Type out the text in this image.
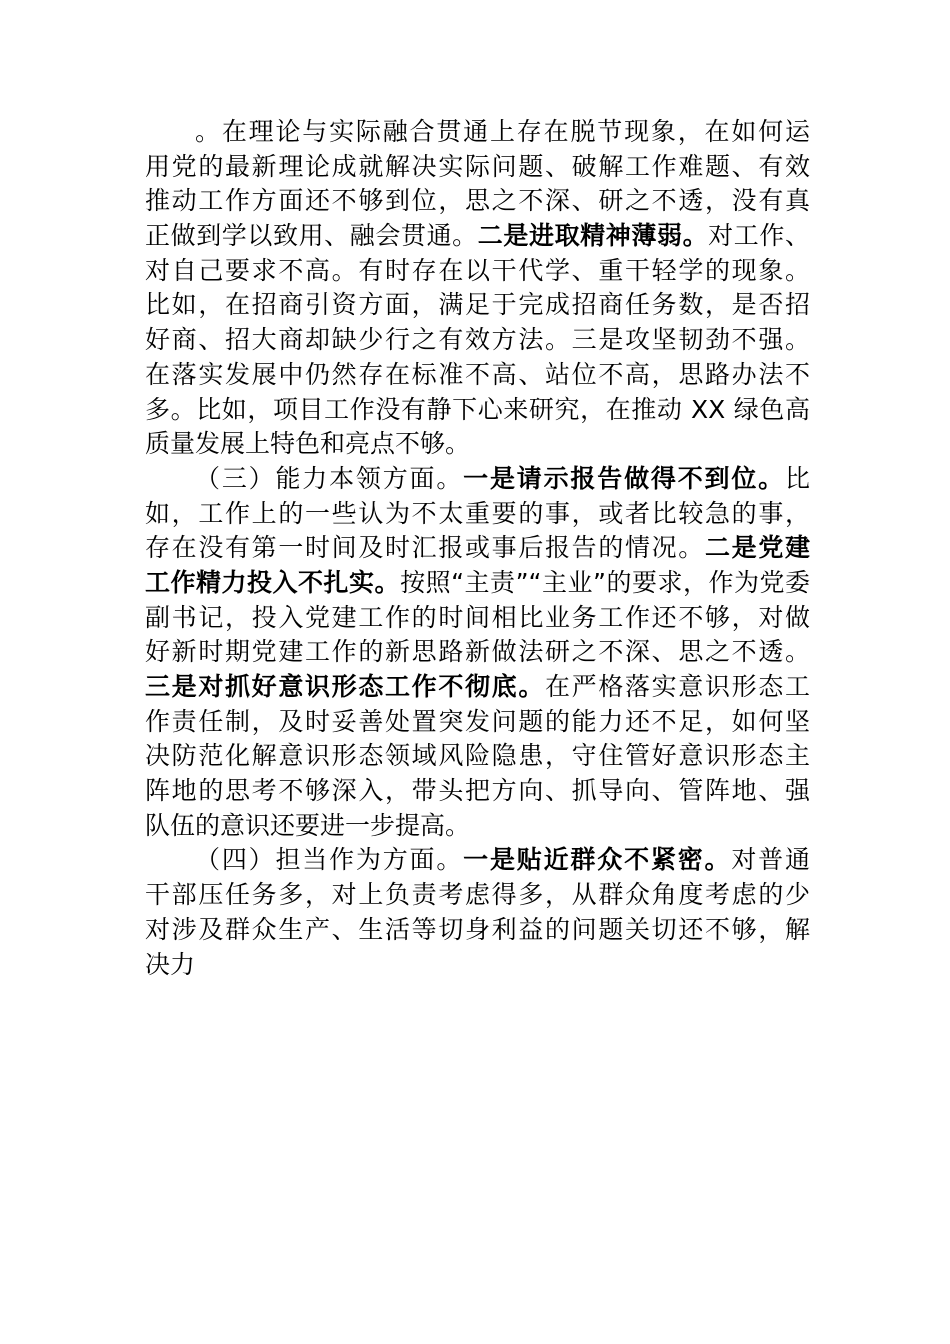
。在理论与实际融合贯通上存在脱节现象，在如何运
用党的最新理论成就解决实际问题、破解工作难题、有效
推动工作方面还不够到位，思之不深、研之不透，没有真
正做到学以致用、融会贯通。二是进取精神薄弱。对工作、
对自己要求不高。有时存在以干代学、重干轻学的现象。
比如，在招商引资方面，满足于完成招商任务数，是否招
好商、招大商却缺少行之有效方法。三是攻坚韧劲不强。
在落实发展中仍然存在标准不高、站位不高，思路办法不
多。比如，项目工作没有静下心来研究，在推动 XX 绿色高
质量发展上特色和亮点不够。
（三）能力本领方面。一是请示报告做得不到位。比
如，工作上的一些认为不太重要的事，或者比较急的事，
存在没有第一时间及时汇报或事后报告的情况。二是党建
工作精力投入不扎实。按照“主责”“主业”的要求，作为党委
副书记，投入党建工作的时间相比业务工作还不够，对做
好新时期党建工作的新思路新做法研之不深、思之不透。
三是对抓好意识形态工作不彻底。在严格落实意识形态工
作责任制，及时妥善处置突发问题的能力还不足，如何坚
决防范化解意识形态领域风险隐患，守住管好意识形态主
阵地的思考不够深入，带头把方向、抓导向、管阵地、强
队伍的意识还要进一步提高。
（四）担当作为方面。一是贴近群众不紧密。对普通
干部压任务多，对上负责考虑得多，从群众角度考虑的少
对涉及群众生产、生活等切身利益的问题关切还不够，解
决力
